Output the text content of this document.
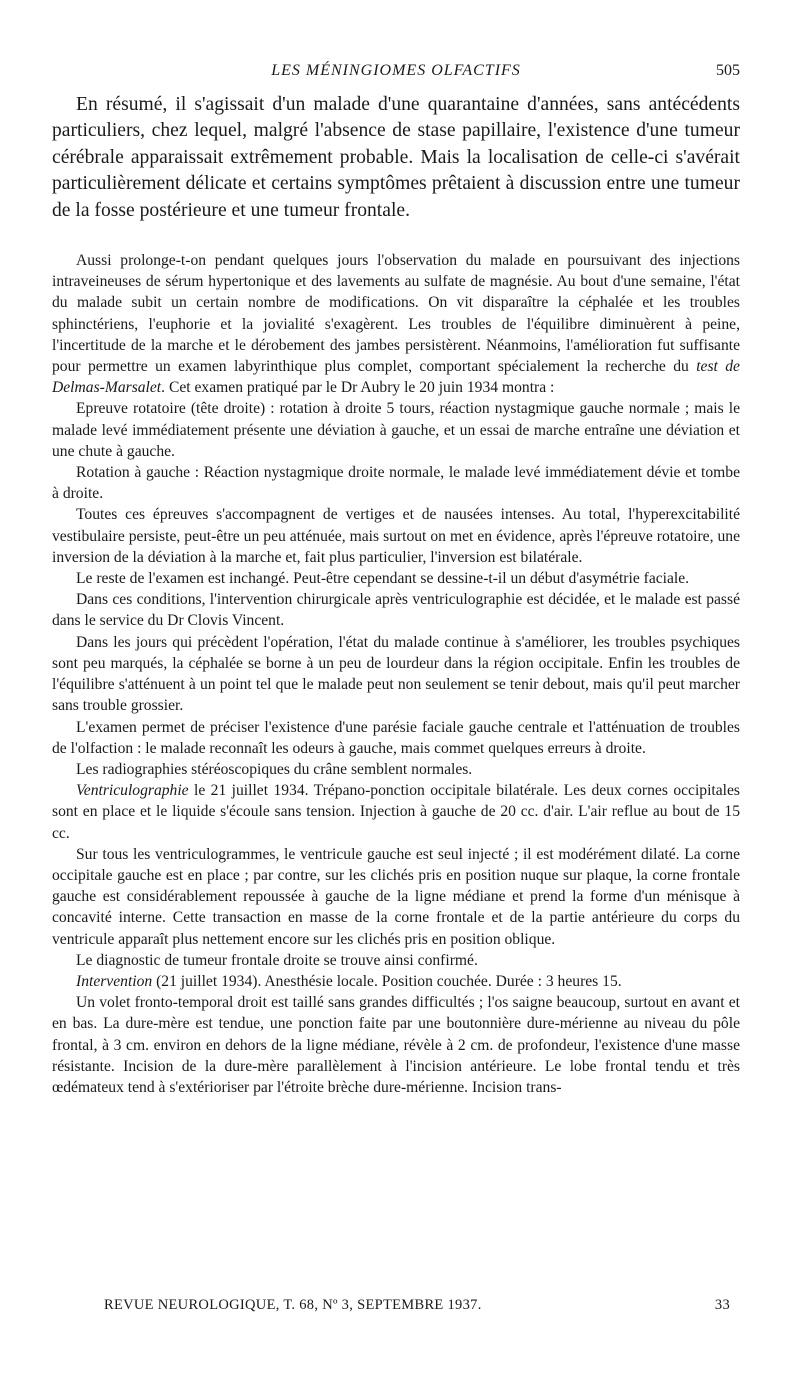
LES MÉNINGIOMES OLFACTIFS	505

En résumé, il s'agissait d'un malade d'une quarantaine d'années, sans antécédents particuliers, chez lequel, malgré l'absence de stase papillaire, l'existence d'une tumeur cérébrale apparaissait extrêmement probable. Mais la localisation de celle-ci s'avérait particulièrement délicate et certains symptômes prêtaient à discussion entre une tumeur de la fosse postérieure et une tumeur frontale.

Aussi prolonge-t-on pendant quelques jours l'observation du malade en poursuivant des injections intraveineuses de sérum hypertonique et des lavements au sulfate de magnésie. Au bout d'une semaine, l'état du malade subit un certain nombre de modifications. On vit disparaître la céphalée et les troubles sphinctériens, l'euphorie et la jovialité s'exagèrent. Les troubles de l'équilibre diminuèrent à peine, l'incertitude de la marche et le dérobement des jambes persistèrent. Néanmoins, l'amélioration fut suffisante pour permettre un examen labyrinthique plus complet, comportant spécialement la recherche du test de Delmas-Marsalet. Cet examen pratiqué par le Dr Aubry le 20 juin 1934 montra :

Epreuve rotatoire (tête droite) : rotation à droite 5 tours, réaction nystagmique gauche normale ; mais le malade levé immédiatement présente une déviation à gauche, et un essai de marche entraîne une déviation et une chute à gauche.

Rotation à gauche : Réaction nystagmique droite normale, le malade levé immédiatement dévie et tombe à droite.

Toutes ces épreuves s'accompagnent de vertiges et de nausées intenses. Au total, l'hyperexcitabilité vestibulaire persiste, peut-être un peu atténuée, mais surtout on met en évidence, après l'épreuve rotatoire, une inversion de la déviation à la marche et, fait plus particulier, l'inversion est bilatérale.

Le reste de l'examen est inchangé. Peut-être cependant se dessine-t-il un début d'asymétrie faciale.

Dans ces conditions, l'intervention chirurgicale après ventriculographie est décidée, et le malade est passé dans le service du Dr Clovis Vincent.

Dans les jours qui précèdent l'opération, l'état du malade continue à s'améliorer, les troubles psychiques sont peu marqués, la céphalée se borne à un peu de lourdeur dans la région occipitale. Enfin les troubles de l'équilibre s'atténuent à un point tel que le malade peut non seulement se tenir debout, mais qu'il peut marcher sans trouble grossier.

L'examen permet de préciser l'existence d'une parésie faciale gauche centrale et l'atténuation de troubles de l'olfaction : le malade reconnaît les odeurs à gauche, mais commet quelques erreurs à droite.

Les radiographies stéréoscopiques du crâne semblent normales.

Ventriculographie le 21 juillet 1934. Trépano-ponction occipitale bilatérale. Les deux cornes occipitales sont en place et le liquide s'écoule sans tension. Injection à gauche de 20 cc. d'air. L'air reflue au bout de 15 cc.

Sur tous les ventriculogrammes, le ventricule gauche est seul injecté ; il est modérément dilaté. La corne occipitale gauche est en place ; par contre, sur les clichés pris en position nuque sur plaque, la corne frontale gauche est considérablement repoussée à gauche de la ligne médiane et prend la forme d'un ménisque à concavité interne. Cette transaction en masse de la corne frontale et de la partie antérieure du corps du ventricule apparaît plus nettement encore sur les clichés pris en position oblique.

Le diagnostic de tumeur frontale droite se trouve ainsi confirmé.

Intervention (21 juillet 1934). Anesthésie locale. Position couchée. Durée : 3 heures 15.

Un volet fronto-temporal droit est taillé sans grandes difficultés ; l'os saigne beaucoup, surtout en avant et en bas. La dure-mère est tendue, une ponction faite par une boutonnière dure-mérienne au niveau du pôle frontal, à 3 cm. environ en dehors de la ligne médiane, révèle à 2 cm. de profondeur, l'existence d'une masse résistante. Incision de la dure-mère parallèlement à l'incision antérieure. Le lobe frontal tendu et très œdémateux tend à s'extérioriser par l'étroite brèche dure-mérienne. Incision trans-

REVUE NEUROLOGIQUE, T. 68, Nº 3, SEPTEMBRE 1937.	33
